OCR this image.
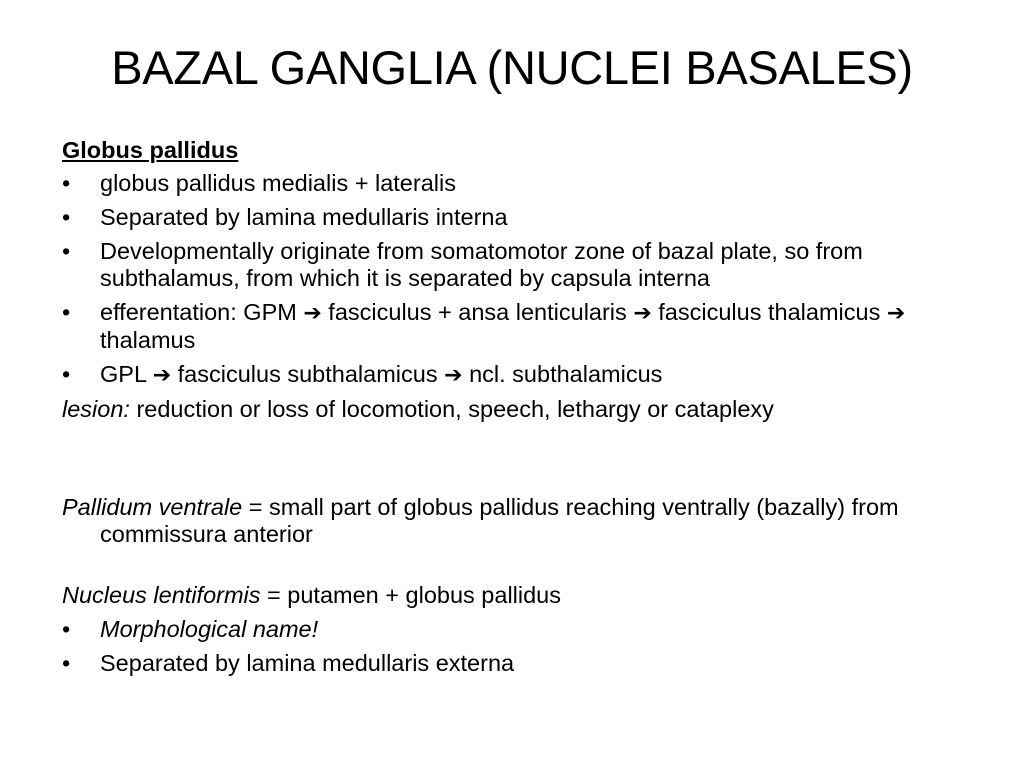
BAZAL GANGLIA (NUCLEI BASALES)

Globus pallidus

•	globus pallidus medialis + lateralis
•	Separated by lamina medullaris interna
•	Developmentally originate from somatomotor zone of bazal plate, so from subthalamus, from which it is separated by capsula interna
•	efferentation: GPM ➔ fasciculus + ansa lenticularis ➔ fasciculus thalamicus ➔ thalamus
•	GPL ➔ fasciculus subthalamicus ➔ ncl. subthalamicus

lesion: reduction or loss of locomotion, speech, lethargy or cataplexy

Pallidum ventrale = small part of globus pallidus reaching ventrally (bazally) from commissura anterior

Nucleus lentiformis = putamen + globus pallidus

•	Morphological name!
•	Separated by lamina medullaris externa
